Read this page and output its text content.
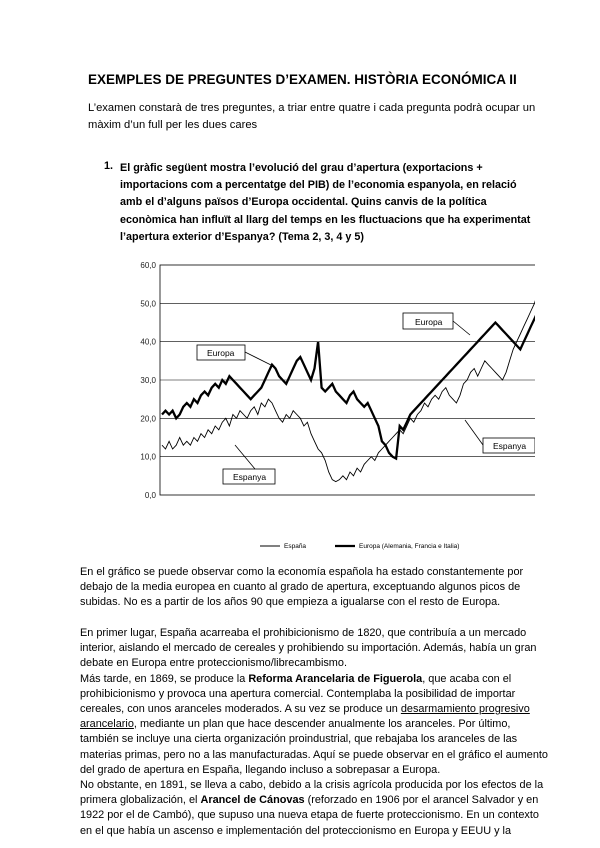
EXEMPLES DE PREGUNTES D’EXAMEN. HISTÒRIA ECONÓMICA II
L’examen constarà de tres preguntes, a triar entre quatre i cada pregunta podrà ocupar un màxim d’un full per les dues cares
1. El gràfic següent mostra l’evolució del grau d’apertura (exportacions + importacions com a percentatge del PIB) de l’economia espanyola, en relació amb el d’alguns països d’Europa occidental. Quins canvis de la política econòmica han influït al llarg del temps en les fluctuacions que ha experimentat l’apertura exterior d’Espanya? (Tema 2, 3, 4 y 5)
60,0
50,0
40,0
30,0
20,0
10,0
0,0
Europa
Europa
Espanya
Espanya
España	Europa (Alemania, Francia e Italia)

En el gráfico se puede observar como la economía española ha estado constantemente por debajo de la media europea en cuanto al grado de apertura, exceptuando algunos picos de subidas. No es a partir de los años 90 que empieza a igualarse con el resto de Europa.

En primer lugar, España acarreaba el prohibicionismo de 1820, que contribuía a un mercado interior, aislando el mercado de cereales y prohibiendo su importación. Además, había un gran debate en Europa entre proteccionismo/librecambismo.
Más tarde, en 1869, se produce la Reforma Arancelaria de Figuerola, que acaba con el prohibicionismo y provoca una apertura comercial. Contemplaba la posibilidad de importar cereales, con unos aranceles moderados. A su vez se produce un desarmamiento progresivo arancelario, mediante un plan que hace descender anualmente los aranceles. Por último, también se incluye una cierta organización proindustrial, que rebajaba los aranceles de las materias primas, pero no a las manufacturadas. Aquí se puede observar en el gráfico el aumento del grado de apertura en España, llegando incluso a sobrepasar a Europa.
No obstante, en 1891, se lleva a cabo, debido a la crisis agrícola producida por los efectos de la primera globalización, el Arancel de Cánovas (reforzado en 1906 por el arancel Salvador y en 1922 por el de Cambó), que supuso una nueva etapa de fuerte proteccionismo. En un contexto en el que había un ascenso e implementación del proteccionismo en Europa y EEUU y la
